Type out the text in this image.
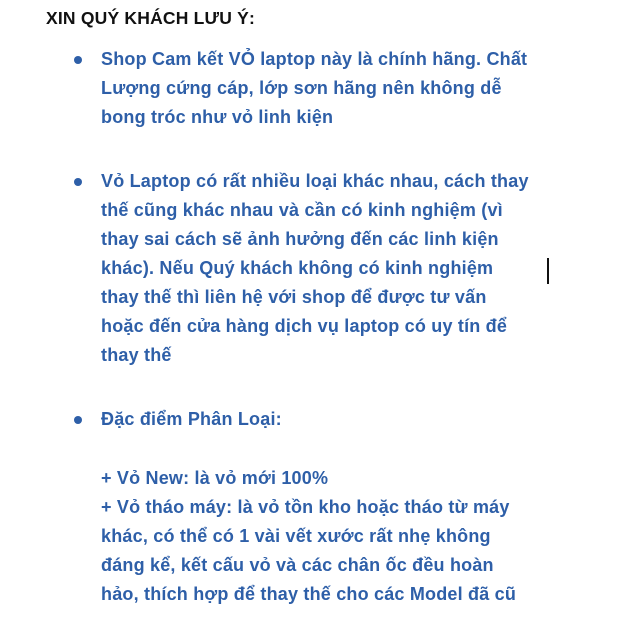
XIN QUÝ KHÁCH LƯU Ý:
Shop Cam kết VỎ laptop này là chính hãng. Chất
Lượng cứng cáp, lớp sơn hãng nên không dễ
bong tróc như vỏ linh kiện
Vỏ Laptop có rất nhiều loại khác nhau, cách thay
thế cũng khác nhau và cần có kinh nghiệm (vì
thay sai cách sẽ ảnh hưởng đến các linh kiện
khác). Nếu Quý khách không có kinh nghiệm
thay thế thì liên hệ với shop để được tư vấn
hoặc đến cửa hàng dịch vụ laptop có uy tín để
thay thế
Đặc điểm Phân Loại:
+ Vỏ New: là vỏ mới 100%
+ Vỏ tháo máy: là vỏ tồn kho hoặc tháo từ máy
khác, có thể có 1 vài vết xước rất nhẹ không
đáng kể, kết cấu vỏ và các chân ốc đều hoàn
hảo, thích hợp để thay thế cho các Model đã cũ
